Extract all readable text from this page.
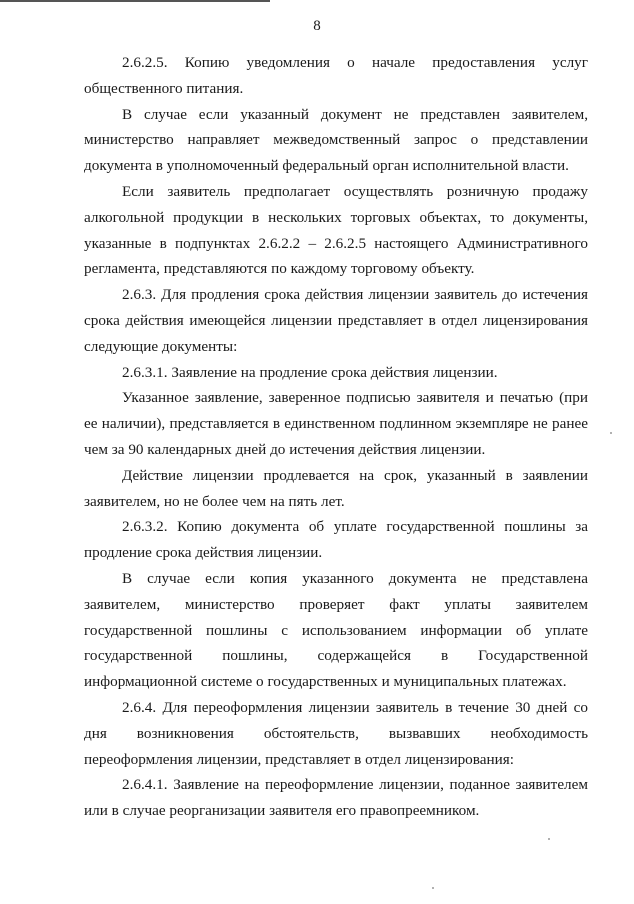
8

2.6.2.5. Копию уведомления о начале предоставления услуг общественного питания.

В случае если указанный документ не представлен заявителем, министерство направляет межведомственный запрос о представлении документа в уполномоченный федеральный орган исполнительной власти.

Если заявитель предполагает осуществлять розничную продажу алкогольной продукции в нескольких торговых объектах, то документы, указанные в подпунктах 2.6.2.2 – 2.6.2.5 настоящего Административного регламента, представляются по каждому торговому объекту.

2.6.3. Для продления срока действия лицензии заявитель до истечения срока действия имеющейся лицензии представляет в отдел лицензирования следующие документы:

2.6.3.1. Заявление на продление срока действия лицензии.

Указанное заявление, заверенное подписью заявителя и печатью (при ее наличии), представляется в единственном подлинном экземпляре не ранее чем за 90 календарных дней до истечения действия лицензии.

Действие лицензии продлевается на срок, указанный в заявлении заявителем, но не более чем на пять лет.

2.6.3.2. Копию документа об уплате государственной пошлины за продление срока действия лицензии.

В случае если копия указанного документа не представлена заявителем, министерство проверяет факт уплаты заявителем государственной пошлины с использованием информации об уплате государственной пошлины, содержащейся в Государственной информационной системе о государственных и муниципальных платежах.

2.6.4. Для переоформления лицензии заявитель в течение 30 дней со дня возникновения обстоятельств, вызвавших необходимость переоформления лицензии, представляет в отдел лицензирования:

2.6.4.1. Заявление на переоформление лицензии, поданное заявителем или в случае реорганизации заявителя его правопреемником.
